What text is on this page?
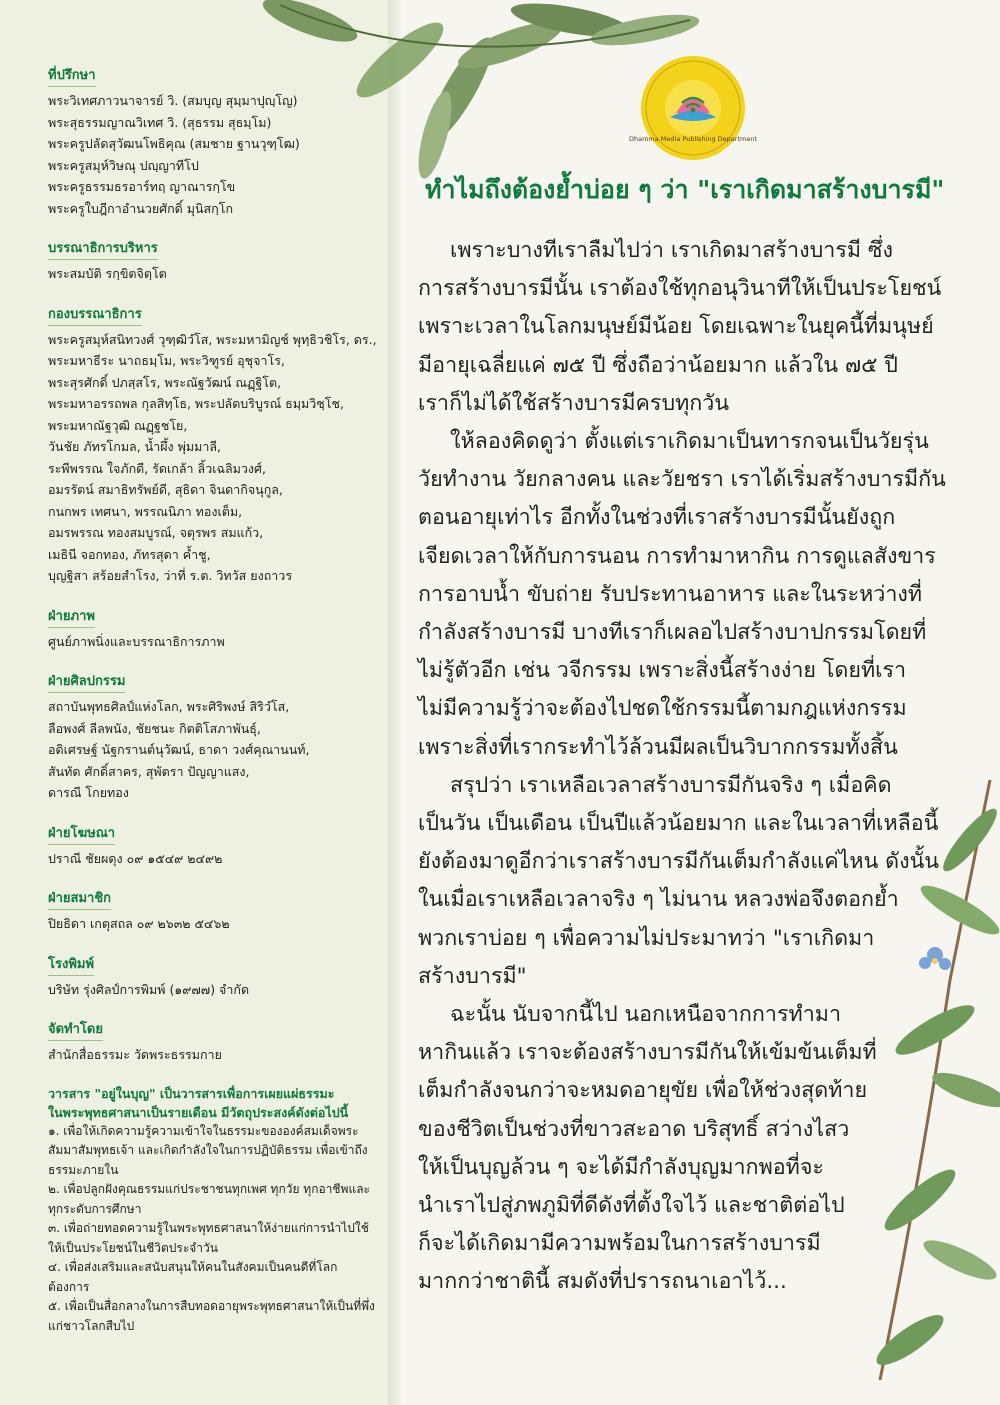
Dhamma Media Publishing Department
ที่ปรึกษา
พระวิเทศภาวนาจารย์ วิ. (สมบุญ สุมฺมาปุญฺโญ)
พระสุธรรมญาณวิเทศ วิ. (สุธรรม สุธมฺโม)
พระครูปลัดสุวัฒนโพธิคุณ (สมชาย ฐานวุฑฺโฒ)
พระครูสมุห์วิษณุ ปญฺญาทีโป
พระครูธรรมธรอาร์ทฤ ญาณารกฺโข
พระครูใบฎีกาอำนวยศักดิ์ มุนิสกฺโก
บรรณาธิการบริหาร
พระสมบัติ รกฺขิตจิตฺโต
กองบรรณาธิการ
พระครูสมุห์สนิทวงศ์ วุฑฺฒิวํโส, พระมหามิญช์ พุทฺธิวชิโร, ดร.,
พระมหาธีระ นาถธมฺโม, พระวิฑูรย์ อุชุจาโร,
พระสุรศักดิ์ ปภสฺสโร, พระณัฐวัฒน์ ณฏฺฐิโต,
พระมหาอรรถพล กุลสิทฺโธ, พระปลัดบริบูรณ์ ธมฺมวิชฺโช,
พระมหาณัฐวุฒิ ณฏฺฐชโย,
วันชัย ภัทรโกมล, น้ำผึ้ง พุ่มมาลี,
ระพีพรรณ ใจภักดี, รัดเกล้า ลิ้วเฉลิมวงศ์,
อมรรัตน์ สมาธิทรัพย์ดี, สุธิดา จินดากิจนุกูล,
กนกพร เทศนา, พรรณนิภา ทองเต็ม,
อมรพรรณ ทองสมบูรณ์, จตุรพร สมแก้ว,
เมธินี จอกทอง, ภัทรสุดา ค้ำชู,
บุญฐิสา สร้อยสำโรง, ว่าที่ ร.ต. วิทวัส ยงถาวร
ฝ่ายภาพ
ศูนย์ภาพนิ่งและบรรณาธิการภาพ
ฝ่ายศิลปกรรม
สถาบันพุทธศิลป์แห่งโลก, พระศิริพงษ์ สิริวํโส,
ลือพงศ์ ลีลพนัง, ชัยชนะ กิตติโสภาพันธุ์,
อดิเศรษฐ์ นัฐกรานต์นุวัฒน์, ธาดา วงศ์คุณานนท์,
สันทัด ศักดิ์สาคร, สุพัตรา ปัญญาแสง,
ดารณี โกยทอง
ฝ่ายโฆษณา
ปราณี ชัยผดุง ๐๙ ๑๕๔๙ ๒๔๙๒
ฝ่ายสมาชิก
ปิยธิดา เกตุสถล ๐๙ ๒๖๓๒ ๕๔๖๒
โรงพิมพ์
บริษัท รุ่งศิลป์การพิมพ์ (๑๙๗๗) จำกัด
จัดทำโดย
สำนักสื่อธรรมะ วัดพระธรรมกาย
วารสาร "อยู่ในบุญ" เป็นวารสารเพื่อการเผยแผ่ธรรมะ
ในพระพุทธศาสนาเป็นรายเดือน มีวัตถุประสงค์ดังต่อไปนี้
๑. เพื่อให้เกิดความรู้ความเข้าใจในธรรมะขององค์สมเด็จพระสัมมาสัมพุทธเจ้า และเกิดกำลังใจในการปฏิบัติธรรม เพื่อเข้าถึงธรรมะภายใน
๒. เพื่อปลูกฝังคุณธรรมแก่ประชาชนทุกเพศ ทุกวัย ทุกอาชีพและทุกระดับการศึกษา
๓. เพื่อถ่ายทอดความรู้ในพระพุทธศาสนาให้ง่ายแก่การนำไปใช้ให้เป็นประโยชน์ในชีวิตประจำวัน
๔. เพื่อส่งเสริมและสนับสนุนให้คนในสังคมเป็นคนดีที่โลกต้องการ
๕. เพื่อเป็นสื่อกลางในการสืบทอดอายุพระพุทธศาสนาให้เป็นที่พึ่งแก่ชาวโลกสืบไป
ทำไมถึงต้องย้ำบ่อย ๆ ว่า "เราเกิดมาสร้างบารมี"
เพราะบางทีเราลืมไปว่า เราเกิดมาสร้างบารมี ซึ่ง
การสร้างบารมีนั้น เราต้องใช้ทุกอนุวินาทีให้เป็นประโยชน์
เพราะเวลาในโลกมนุษย์มีน้อย โดยเฉพาะในยุคนี้ที่มนุษย์
มีอายุเฉลี่ยแค่ ๗๕ ปี ซึ่งถือว่าน้อยมาก แล้วใน ๗๕ ปี
เราก็ไม่ได้ใช้สร้างบารมีครบทุกวัน
ให้ลองคิดดูว่า ตั้งแต่เราเกิดมาเป็นทารกจนเป็นวัยรุ่น
วัยทำงาน วัยกลางคน และวัยชรา เราได้เริ่มสร้างบารมีกัน
ตอนอายุเท่าไร อีกทั้งในช่วงที่เราสร้างบารมีนั้นยังถูก
เจียดเวลาให้กับการนอน การทำมาหากิน การดูแลสังขาร
การอาบน้ำ ขับถ่าย รับประทานอาหาร และในระหว่างที่
กำลังสร้างบารมี บางทีเราก็เผลอไปสร้างบาปกรรมโดยที่
ไม่รู้ตัวอีก เช่น วจีกรรม เพราะสิ่งนี้สร้างง่าย โดยที่เรา
ไม่มีความรู้ว่าจะต้องไปชดใช้กรรมนี้ตามกฎแห่งกรรม
เพราะสิ่งที่เรากระทำไว้ล้วนมีผลเป็นวิบากกรรมทั้งสิ้น
สรุปว่า เราเหลือเวลาสร้างบารมีกันจริง ๆ เมื่อคิด
เป็นวัน เป็นเดือน เป็นปีแล้วน้อยมาก และในเวลาที่เหลือนี้
ยังต้องมาดูอีกว่าเราสร้างบารมีกันเต็มกำลังแค่ไหน ดังนั้น
ในเมื่อเราเหลือเวลาจริง ๆ ไม่นาน หลวงพ่อจึงตอกย้ำ
พวกเราบ่อย ๆ เพื่อความไม่ประมาทว่า "เราเกิดมา
สร้างบารมี"
ฉะนั้น นับจากนี้ไป นอกเหนือจากการทำมา
หากินแล้ว เราจะต้องสร้างบารมีกันให้เข้มข้นเต็มที่
เต็มกำลังจนกว่าจะหมดอายุขัย เพื่อให้ช่วงสุดท้าย
ของชีวิตเป็นช่วงที่ขาวสะอาด บริสุทธิ์ สว่างไสว
ให้เป็นบุญล้วน ๆ จะได้มีกำลังบุญมากพอที่จะ
นำเราไปสู่ภพภูมิที่ดีดังที่ตั้งใจไว้ และชาติต่อไป
ก็จะได้เกิดมามีความพร้อมในการสร้างบารมี
มากกว่าชาตินี้ สมดังที่ปรารถนาเอาไว้...
